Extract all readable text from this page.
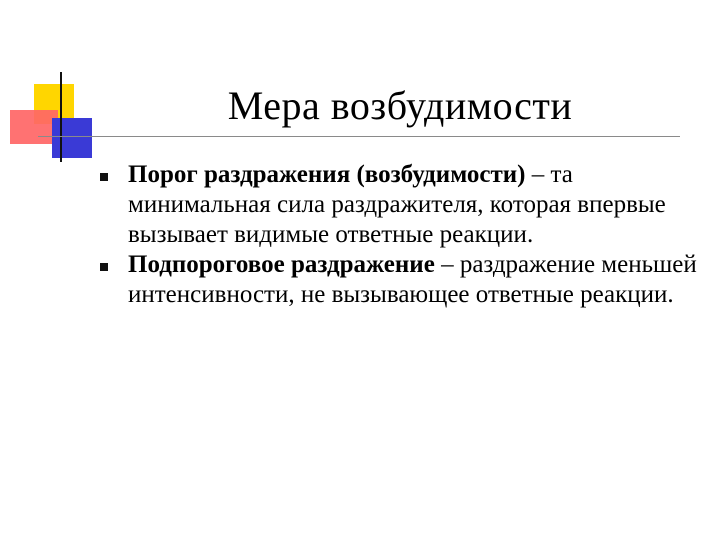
Мера возбудимости
Порог раздражения (возбудимости) – та минимальная сила раздражителя, которая впервые вызывает видимые ответные реакции.
Подпороговое раздражение – раздражение меньшей интенсивности, не вызывающее ответные реакции.
